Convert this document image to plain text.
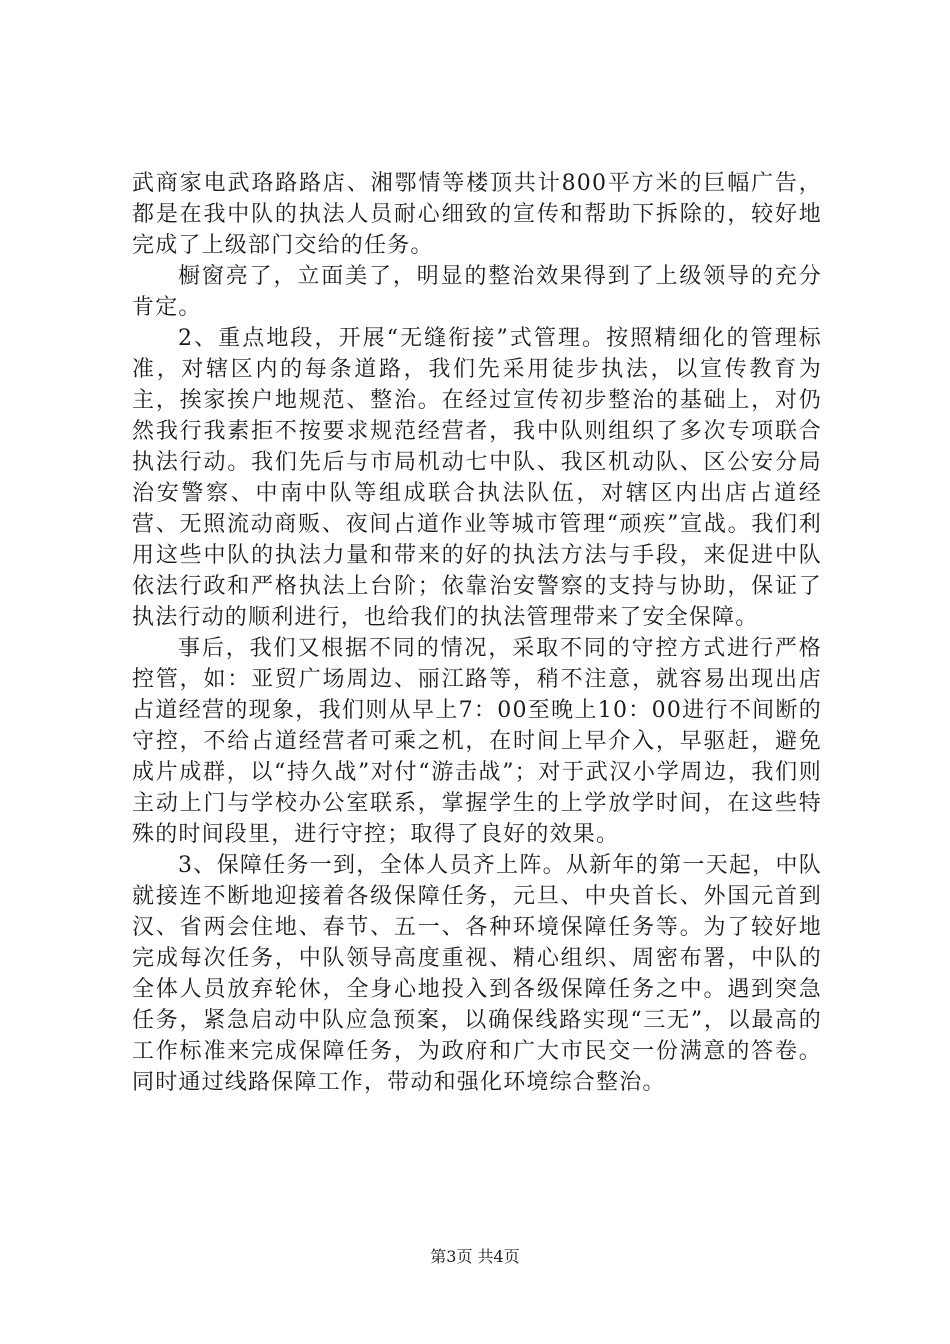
武商家电武珞路路店、湘鄂情等楼顶共计800平方米的巨幅广告，都是在我中队的执法人员耐心细致的宣传和帮助下拆除的，较好地完成了上级部门交给的任务。

橱窗亮了，立面美了，明显的整治效果得到了上级领导的充分肯定。

2、重点地段，开展“无缝衔接”式管理。按照精细化的管理标准，对辖区内的每条道路，我们先采用徒步执法，以宣传教育为主，挨家挨户地规范、整治。在经过宣传初步整治的基础上，对仍然我行我素拒不按要求规范经营者，我中队则组织了多次专项联合执法行动。我们先后与市局机动七中队、我区机动队、区公安分局治安警察、中南中队等组成联合执法队伍，对辖区内出店占道经营、无照流动商贩、夜间占道作业等城市管理“顽疾”宣战。我们利用这些中队的执法力量和带来的好的执法方法与手段，来促进中队依法行政和严格执法上台阶；依靠治安警察的支持与协助，保证了执法行动的顺利进行，也给我们的执法管理带来了安全保障。

事后，我们又根据不同的情况，采取不同的守控方式进行严格控管，如：亚贸广场周边、丽江路等，稍不注意，就容易出现出店占道经营的现象，我们则从早上7：00至晚上10：00进行不间断的守控，不给占道经营者可乘之机，在时间上早介入，早驱赶，避免成片成群，以“持久战”对付“游击战”；对于武汉小学周边，我们则主动上门与学校办公室联系，掌握学生的上学放学时间，在这些特殊的时间段里，进行守控；取得了良好的效果。

3、保障任务一到，全体人员齐上阵。从新年的第一天起，中队就接连不断地迎接着各级保障任务，元旦、中央首长、外国元首到汉、省两会住地、春节、五一、各种环境保障任务等。为了较好地完成每次任务，中队领导高度重视、精心组织、周密布署，中队的全体人员放弃轮休，全身心地投入到各级保障任务之中。遇到突急任务，紧急启动中队应急预案，以确保线路实现“三无”，以最高的工作标准来完成保障任务，为政府和广大市民交一份满意的答卷。同时通过线路保障工作，带动和强化环境综合整治。

第3页 共4页
